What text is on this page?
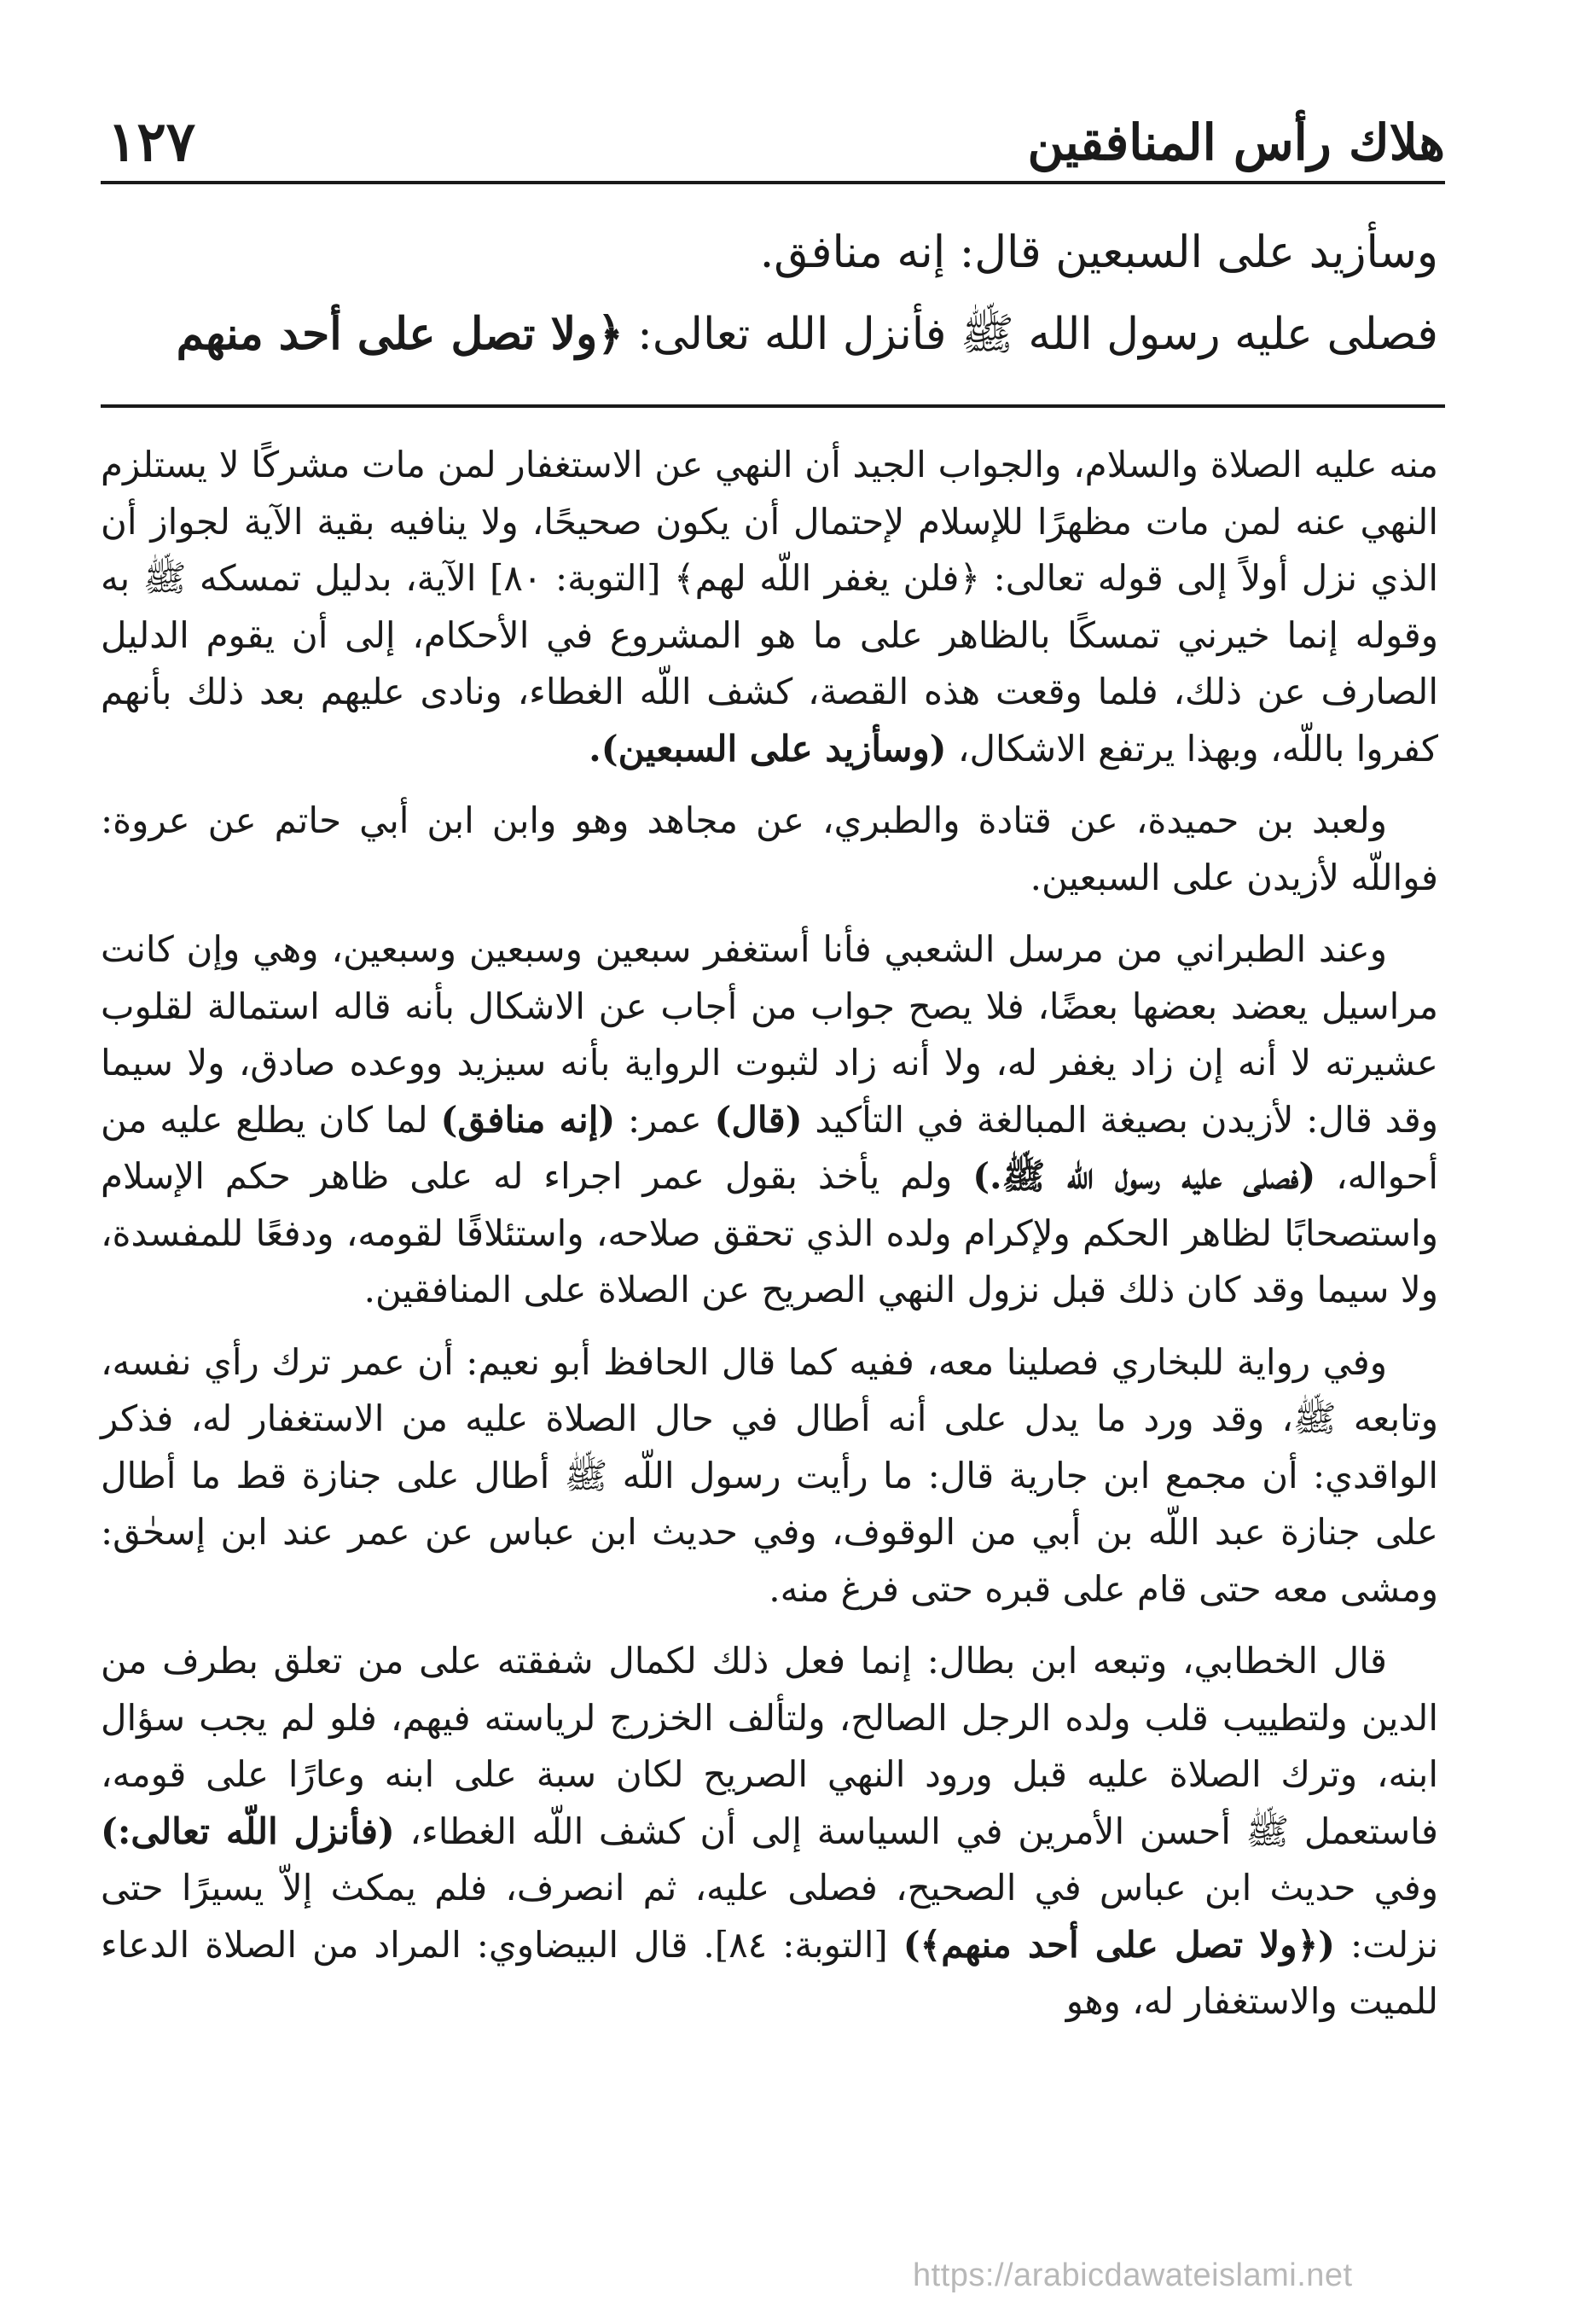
هلاك رأس المنافقين
١٢٧

وسأزيد على السبعين قال: إنه منافق.

فصلى عليه رسول الله ﷺ فأنزل الله تعالى: ﴿ولا تصل على أحد منهم

منه عليه الصلاة والسلام، والجواب الجيد أن النهي عن الاستغفار لمن مات مشركًا لا يستلزم النهي عنه لمن مات مظهرًا للإسلام لإحتمال أن يكون صحيحًا، ولا ينافيه بقية الآية لجواز أن الذي نزل أولاً إلى قوله تعالى: ﴿فلن يغفر اللّه لهم﴾ [التوبة: ٨٠] الآية، بدليل تمسكه ﷺ به وقوله إنما خيرني تمسكًا بالظاهر على ما هو المشروع في الأحكام، إلى أن يقوم الدليل الصارف عن ذلك، فلما وقعت هذه القصة، كشف اللّه الغطاء، ونادى عليهم بعد ذلك بأنهم كفروا باللّه، وبهذا يرتفع الاشكال، (وسأزيد على السبعين).

ولعبد بن حميدة، عن قتادة والطبري، عن مجاهد وهو وابن ابن أبي حاتم عن عروة: فواللّه لأزيدن على السبعين.

وعند الطبراني من مرسل الشعبي فأنا أستغفر سبعين وسبعين وسبعين، وهي وإن كانت مراسيل يعضد بعضها بعضًا، فلا يصح جواب من أجاب عن الاشكال بأنه قاله استمالة لقلوب عشيرته لا أنه إن زاد يغفر له، ولا أنه زاد لثبوت الرواية بأنه سيزيد ووعده صادق، ولا سيما وقد قال: لأزيدن بصيغة المبالغة في التأكيد (قال) عمر: (إنه منافق) لما كان يطلع عليه من أحواله، (فصلى عليه رسول اللّه ﷺ.) ولم يأخذ بقول عمر اجراء له على ظاهر حكم الإسلام واستصحابًا لظاهر الحكم ولإكرام ولده الذي تحقق صلاحه، واستئلافًا لقومه، ودفعًا للمفسدة، ولا سيما وقد كان ذلك قبل نزول النهي الصريح عن الصلاة على المنافقين.

وفي رواية للبخاري فصلينا معه، ففيه كما قال الحافظ أبو نعيم: أن عمر ترك رأي نفسه، وتابعه ﷺ، وقد ورد ما يدل على أنه أطال في حال الصلاة عليه من الاستغفار له، فذكر الواقدي: أن مجمع ابن جارية قال: ما رأيت رسول اللّه ﷺ أطال على جنازة قط ما أطال على جنازة عبد اللّه بن أبي من الوقوف، وفي حديث ابن عباس عن عمر عند ابن إسحٰق: ومشى معه حتى قام على قبره حتى فرغ منه.

قال الخطابي، وتبعه ابن بطال: إنما فعل ذلك لكمال شفقته على من تعلق بطرف من الدين ولتطييب قلب ولده الرجل الصالح، ولتألف الخزرج لرياسته فيهم، فلو لم يجب سؤال ابنه، وترك الصلاة عليه قبل ورود النهي الصريح لكان سبة على ابنه وعارًا على قومه، فاستعمل ﷺ أحسن الأمرين في السياسة إلى أن كشف اللّه الغطاء، (فأنزل اللّه تعالى:) وفي حديث ابن عباس في الصحيح، فصلى عليه، ثم انصرف، فلم يمكث إلاّ يسيرًا حتى نزلت: (﴿ولا تصل على أحد منهم﴾) [التوبة: ٨٤]. قال البيضاوي: المراد من الصلاة الدعاء للميت والاستغفار له، وهو

https://arabicdawateislami.net
